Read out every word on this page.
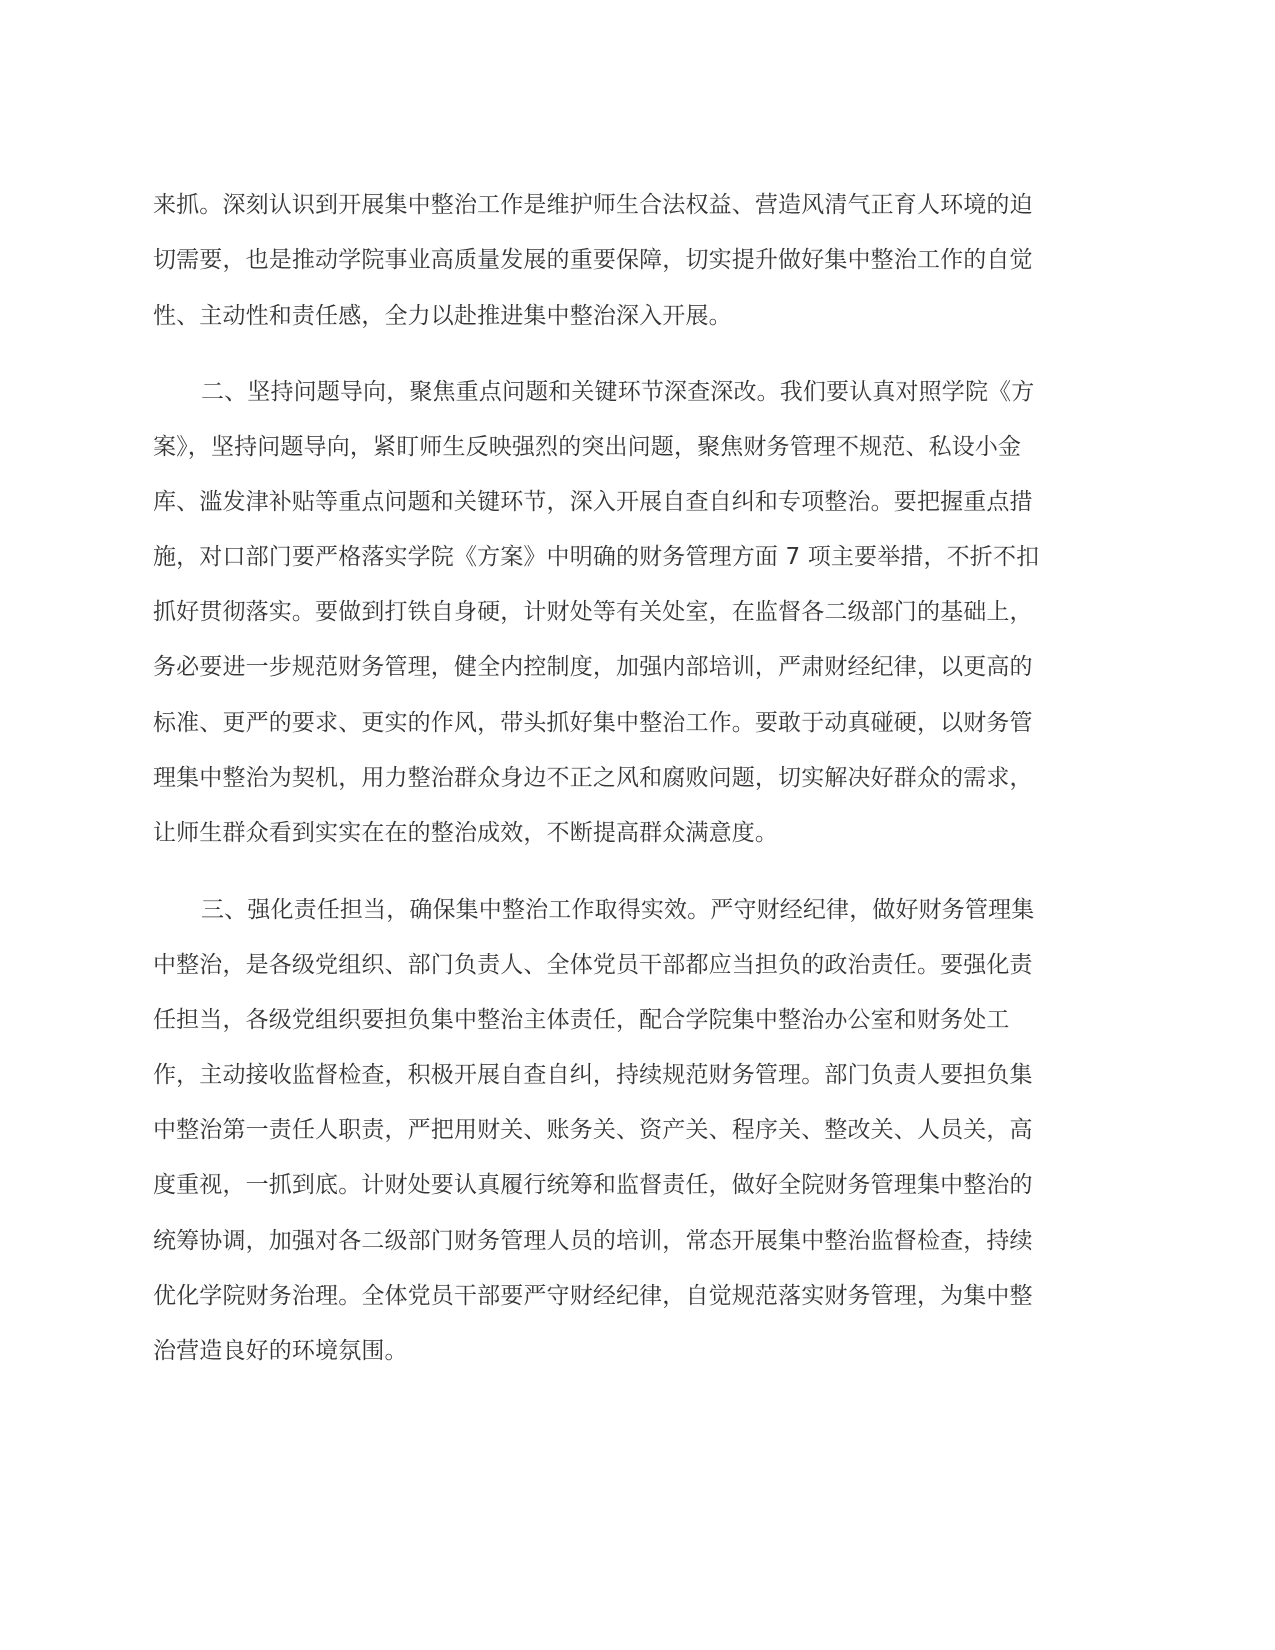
来抓。深刻认识到开展集中整治工作是维护师生合法权益、营造风清气正育人环境的迫
切需要，也是推动学院事业高质量发展的重要保障，切实提升做好集中整治工作的自觉
性、主动性和责任感，全力以赴推进集中整治深入开展。
二、坚持问题导向，聚焦重点问题和关键环节深查深改。我们要认真对照学院《方
案》，坚持问题导向，紧盯师生反映强烈的突出问题，聚焦财务管理不规范、私设小金
库、滥发津补贴等重点问题和关键环节，深入开展自查自纠和专项整治。要把握重点措
施，对口部门要严格落实学院《方案》中明确的财务管理方面 7 项主要举措，不折不扣
抓好贯彻落实。要做到打铁自身硬，计财处等有关处室，在监督各二级部门的基础上，
务必要进一步规范财务管理，健全内控制度，加强内部培训，严肃财经纪律，以更高的
标准、更严的要求、更实的作风，带头抓好集中整治工作。要敢于动真碰硬，以财务管
理集中整治为契机，用力整治群众身边不正之风和腐败问题，切实解决好群众的需求，
让师生群众看到实实在在的整治成效，不断提高群众满意度。
三、强化责任担当，确保集中整治工作取得实效。严守财经纪律，做好财务管理集
中整治，是各级党组织、部门负责人、全体党员干部都应当担负的政治责任。要强化责
任担当，各级党组织要担负集中整治主体责任，配合学院集中整治办公室和财务处工
作，主动接收监督检查，积极开展自查自纠，持续规范财务管理。部门负责人要担负集
中整治第一责任人职责，严把用财关、账务关、资产关、程序关、整改关、人员关，高
度重视，一抓到底。计财处要认真履行统筹和监督责任，做好全院财务管理集中整治的
统筹协调，加强对各二级部门财务管理人员的培训，常态开展集中整治监督检查，持续
优化学院财务治理。全体党员干部要严守财经纪律，自觉规范落实财务管理，为集中整
治营造良好的环境氛围。
